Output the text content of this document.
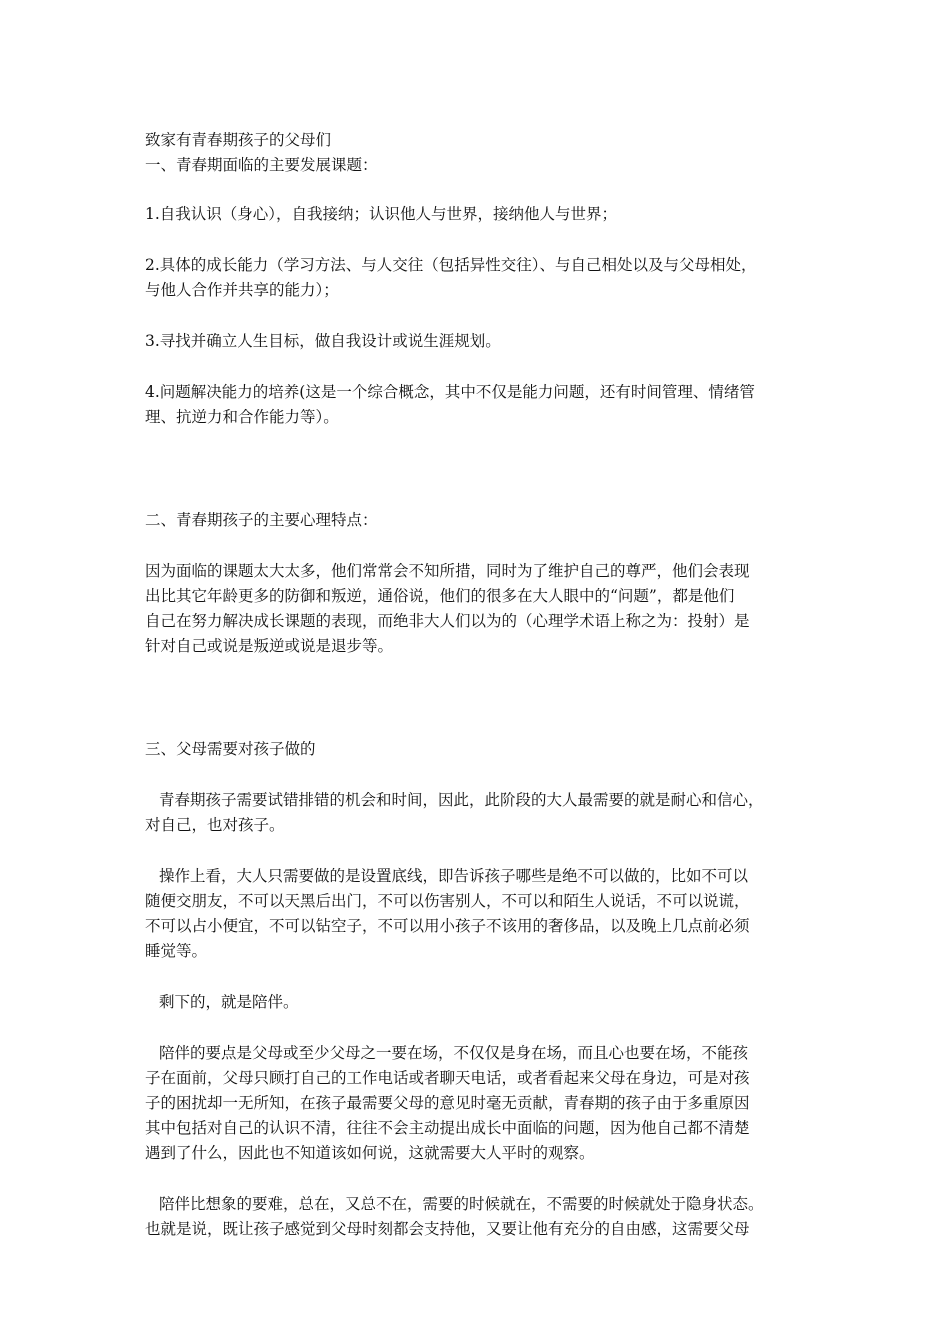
致家有青春期孩子的父母们

一、青春期面临的主要发展课题：

1.自我认识（身心），自我接纳；认识他人与世界，接纳他人与世界；
2.具体的成长能力（学习方法、与人交往（包括异性交往）、与自己相处以及与父母相处，
与他人合作并共享的能力）；
3.寻找并确立人生目标，做自我设计或说生涯规划。
4.问题解决能力的培养(这是一个综合概念，其中不仅是能力问题，还有时间管理、情绪管
理、抗逆力和合作能力等）。

二、青春期孩子的主要心理特点：

因为面临的课题太大太多，他们常常会不知所措，同时为了维护自己的尊严，他们会表现
出比其它年龄更多的防御和叛逆，通俗说，他们的很多在大人眼中的“问题”，都是他们
自己在努力解决成长课题的表现，而绝非大人们以为的（心理学术语上称之为：投射）是
针对自己或说是叛逆或说是退步等。

三、父母需要对孩子做的

青春期孩子需要试错排错的机会和时间，因此，此阶段的大人最需要的就是耐心和信心，
对自己，也对孩子。
操作上看，大人只需要做的是设置底线，即告诉孩子哪些是绝不可以做的，比如不可以
随便交朋友，不可以天黑后出门，不可以伤害别人，不可以和陌生人说话，不可以说谎，
不可以占小便宜，不可以钻空子，不可以用小孩子不该用的奢侈品，以及晚上几点前必须
睡觉等。
剩下的，就是陪伴。
陪伴的要点是父母或至少父母之一要在场，不仅仅是身在场，而且心也要在场，不能孩
子在面前，父母只顾打自己的工作电话或者聊天电话，或者看起来父母在身边，可是对孩
子的困扰却一无所知，在孩子最需要父母的意见时毫无贡献，青春期的孩子由于多重原因
其中包括对自己的认识不清，往往不会主动提出成长中面临的问题，因为他自己都不清楚
遇到了什么，因此也不知道该如何说，这就需要大人平时的观察。
陪伴比想象的要难，总在，又总不在，需要的时候就在，不需要的时候就处于隐身状态。
也就是说，既让孩子感觉到父母时刻都会支持他，又要让他有充分的自由感，这需要父母
